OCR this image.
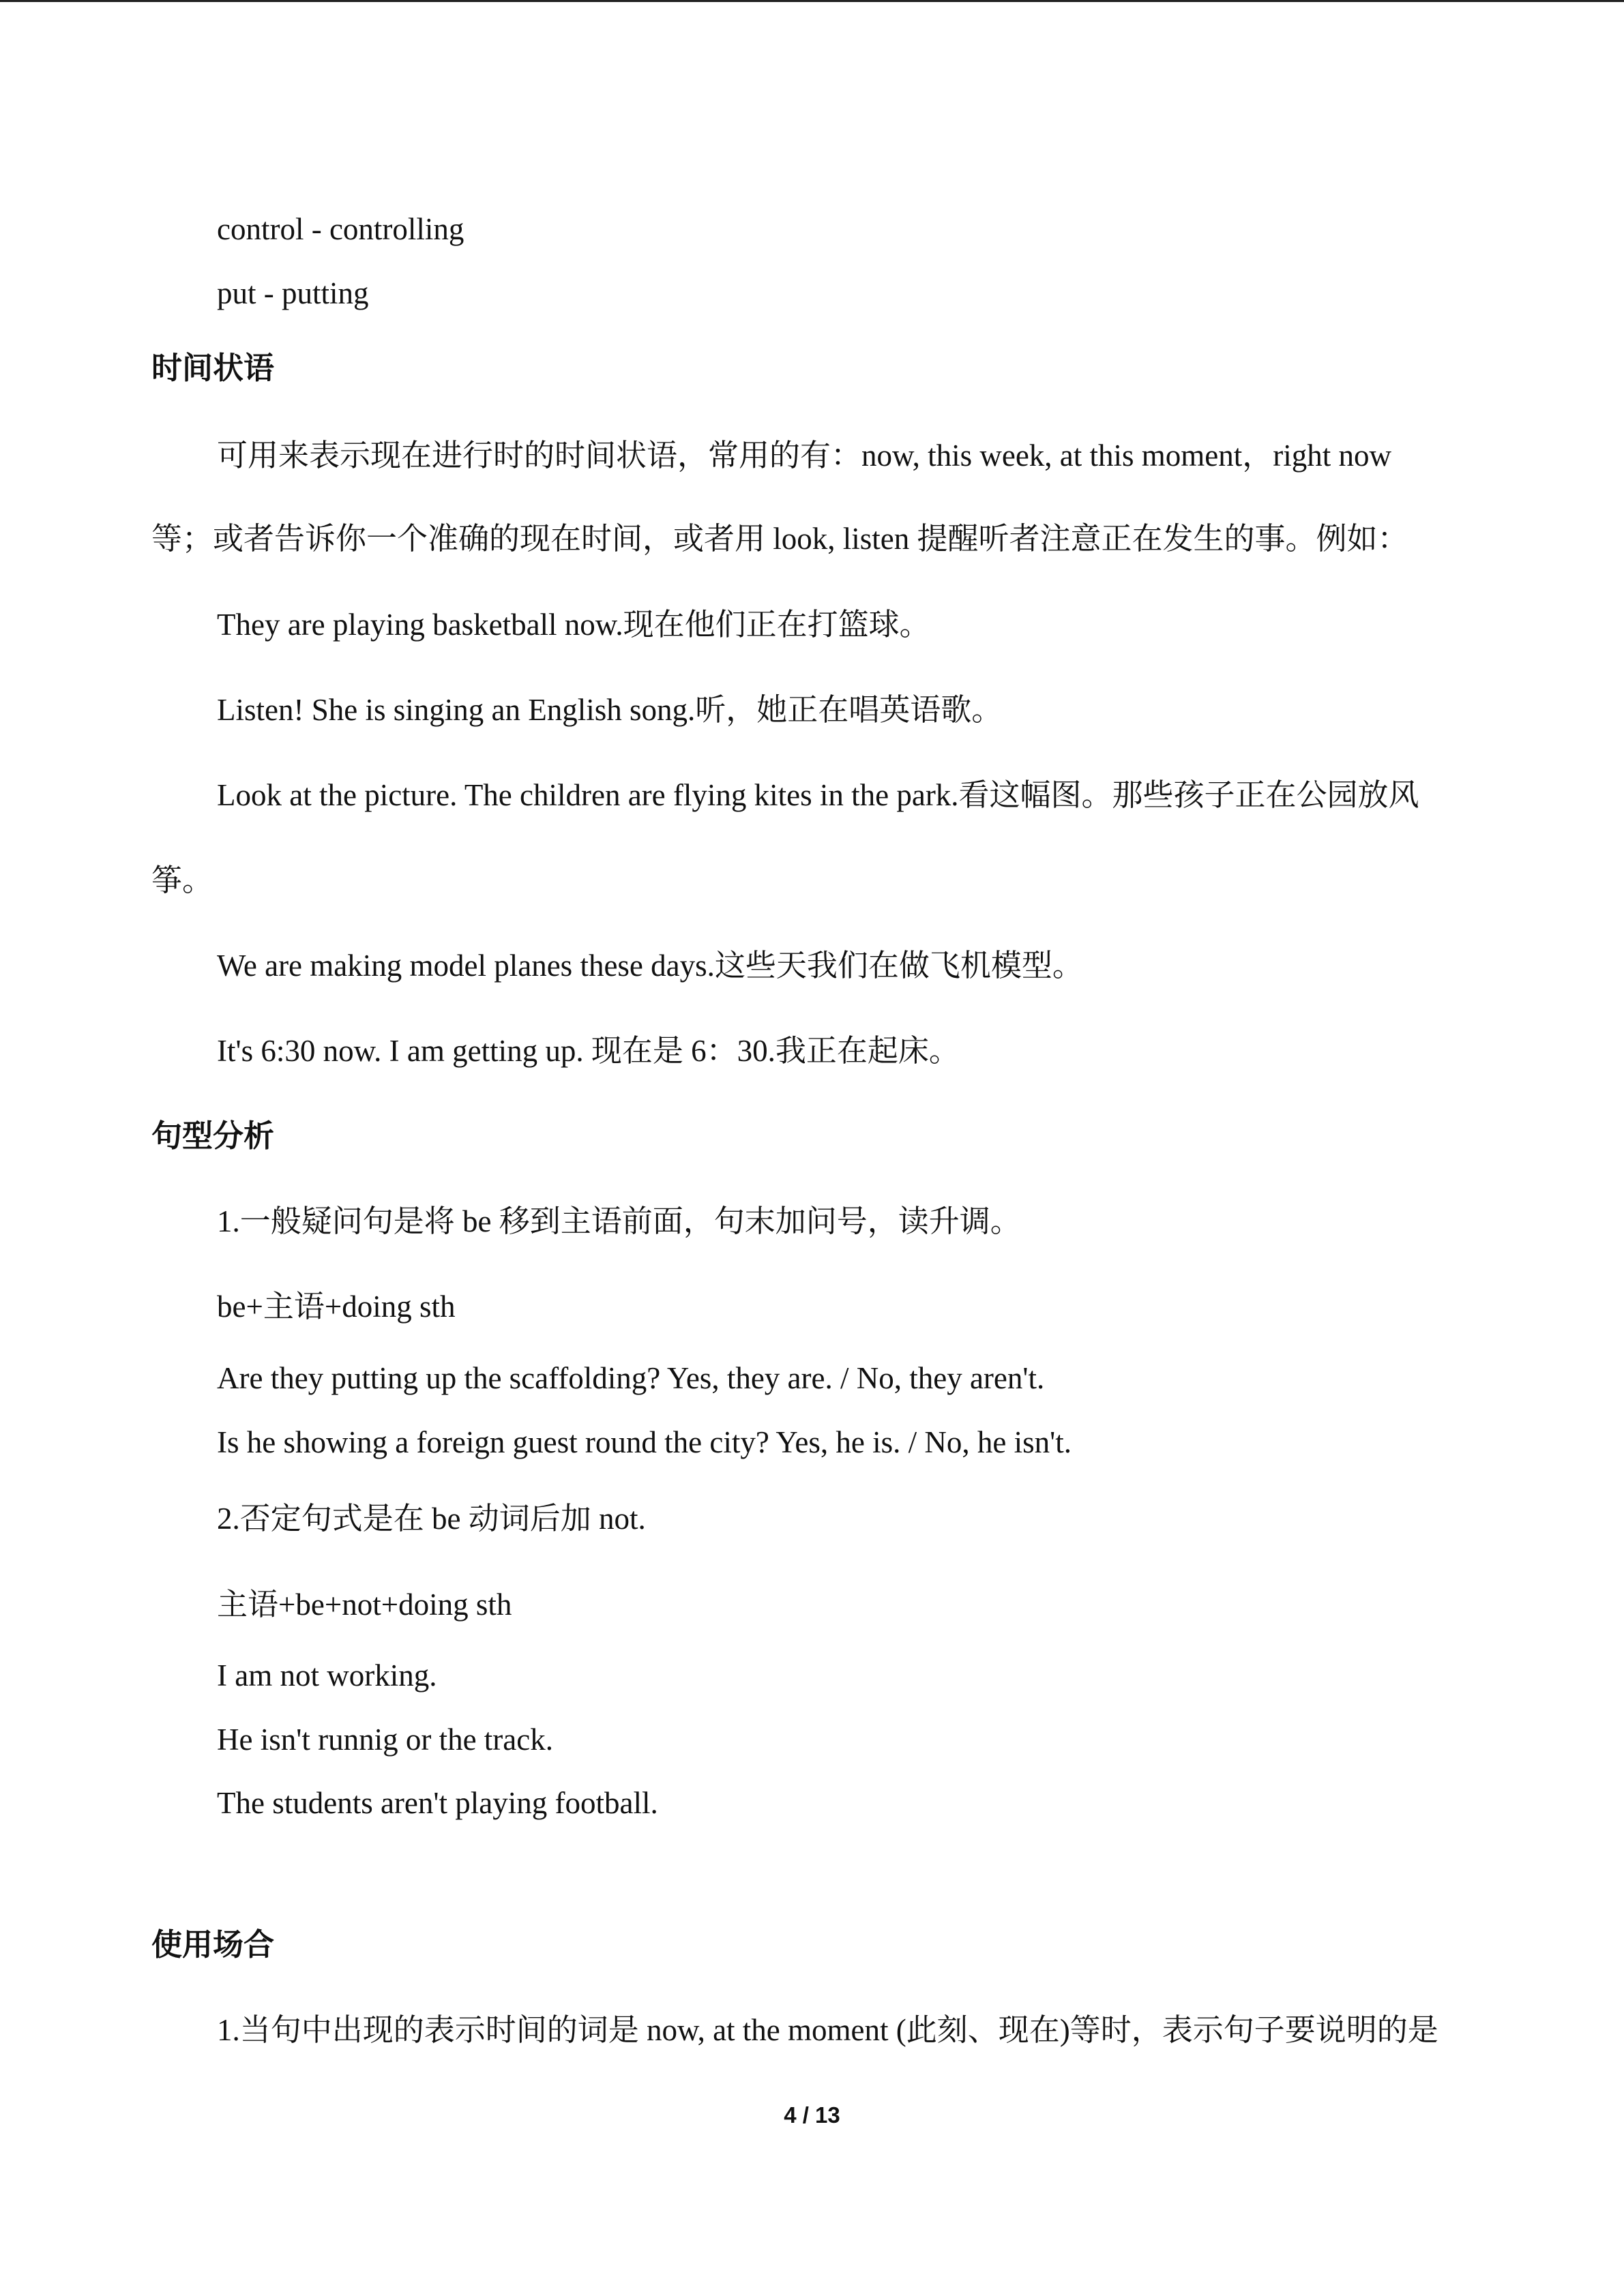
control - controlling
put - putting
时间状语
可用来表示现在进行时的时间状语，常用的有：now, this week, at this moment，right now
等；或者告诉你一个准确的现在时间，或者用 look, listen 提醒听者注意正在发生的事。例如：
They are playing basketball now.现在他们正在打篮球。
Listen! She is singing an English song.听，她正在唱英语歌。
Look at the picture. The children are flying kites in the park.看这幅图。那些孩子正在公园放风
筝。
We are making model planes these days.这些天我们在做飞机模型。
It's 6:30 now. I am getting up. 现在是 6：30.我正在起床。
句型分析
1.一般疑问句是将 be 移到主语前面，句末加问号，读升调。
be+主语+doing sth
Are they putting up the scaffolding? Yes, they are. / No, they aren't.
Is he showing a foreign guest round the city? Yes, he is. / No, he isn't.
2.否定句式是在 be 动词后加 not.
主语+be+not+doing sth
I am not working.
He isn't runnig or the track.
The students aren't playing football.
使用场合
1.当句中出现的表示时间的词是 now, at the moment (此刻、现在)等时，表示句子要说明的是
4 / 13
